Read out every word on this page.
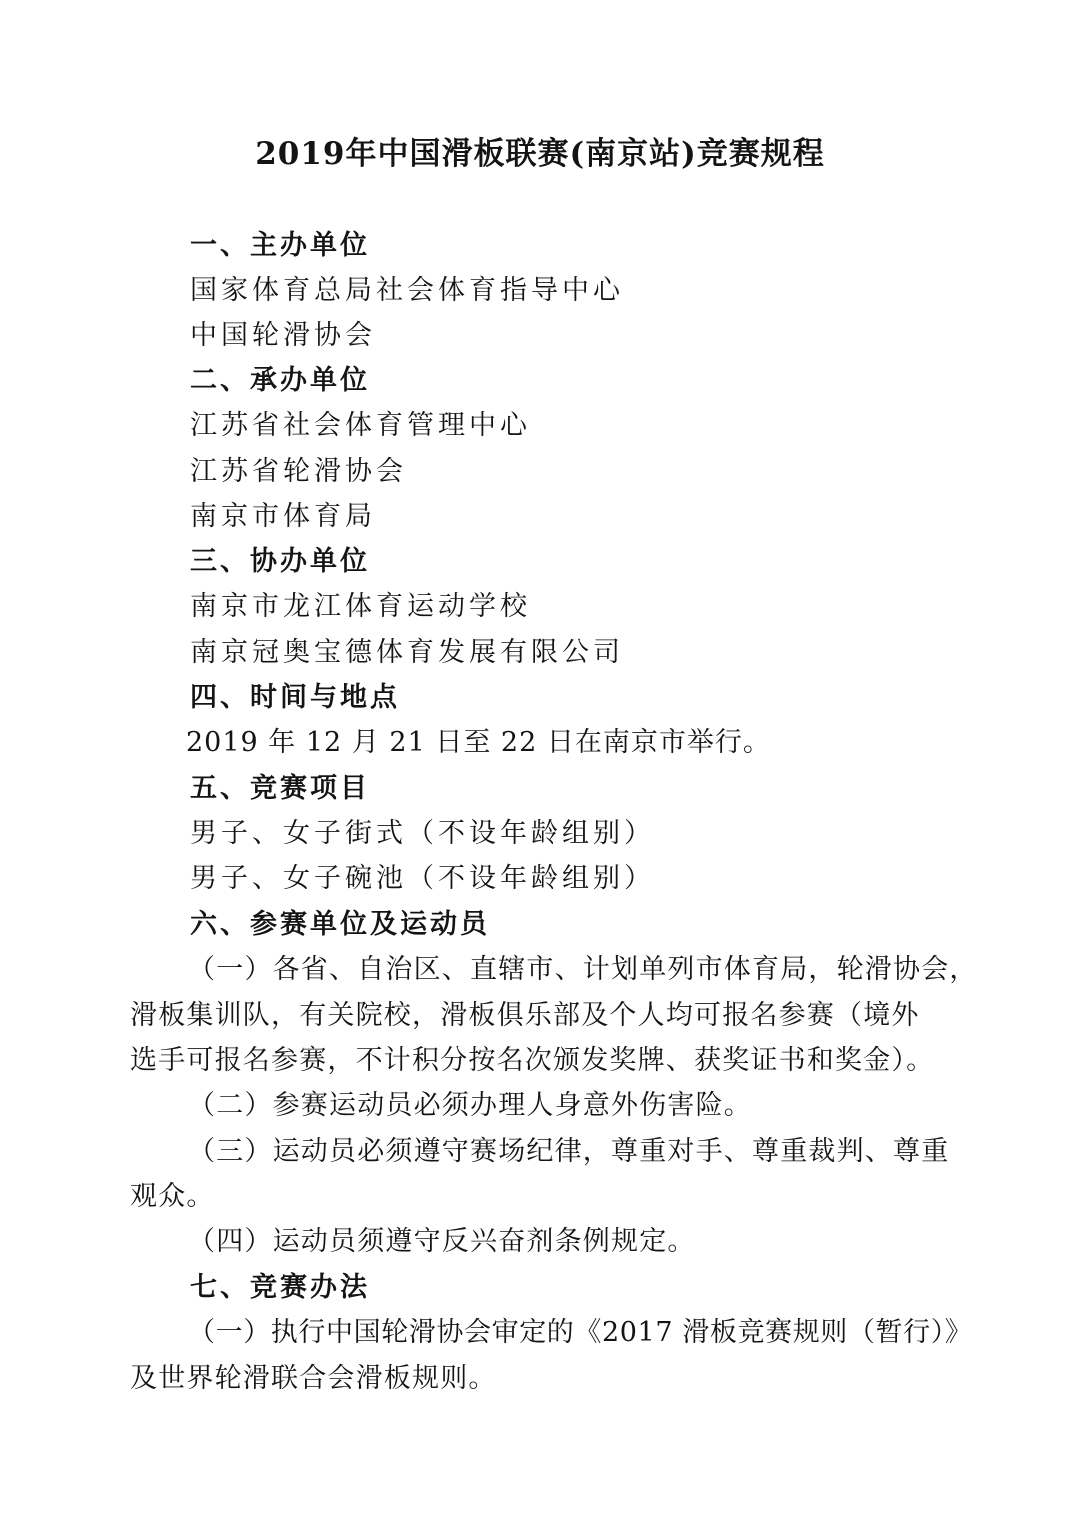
2019年中国滑板联赛(南京站)竞赛规程

一、主办单位

国家体育总局社会体育指导中心

中国轮滑协会

二、承办单位

江苏省社会体育管理中心

江苏省轮滑协会

南京市体育局

三、协办单位

南京市龙江体育运动学校

南京冠奥宝德体育发展有限公司

四、时间与地点

2019 年 12 月 21 日至 22 日在南京市举行。

五、竞赛项目

男子、女子街式（不设年龄组别）

男子、女子碗池（不设年龄组别）

六、参赛单位及运动员

（一）各省、自治区、直辖市、计划单列市体育局，轮滑协会，

滑板集训队，有关院校，滑板俱乐部及个人均可报名参赛（境外

选手可报名参赛，不计积分按名次颁发奖牌、获奖证书和奖金）。

（二）参赛运动员必须办理人身意外伤害险。

（三）运动员必须遵守赛场纪律，尊重对手、尊重裁判、尊重

观众。

（四）运动员须遵守反兴奋剂条例规定。

七、竞赛办法

（一）执行中国轮滑协会审定的《2017 滑板竞赛规则（暂行）》

及世界轮滑联合会滑板规则。
